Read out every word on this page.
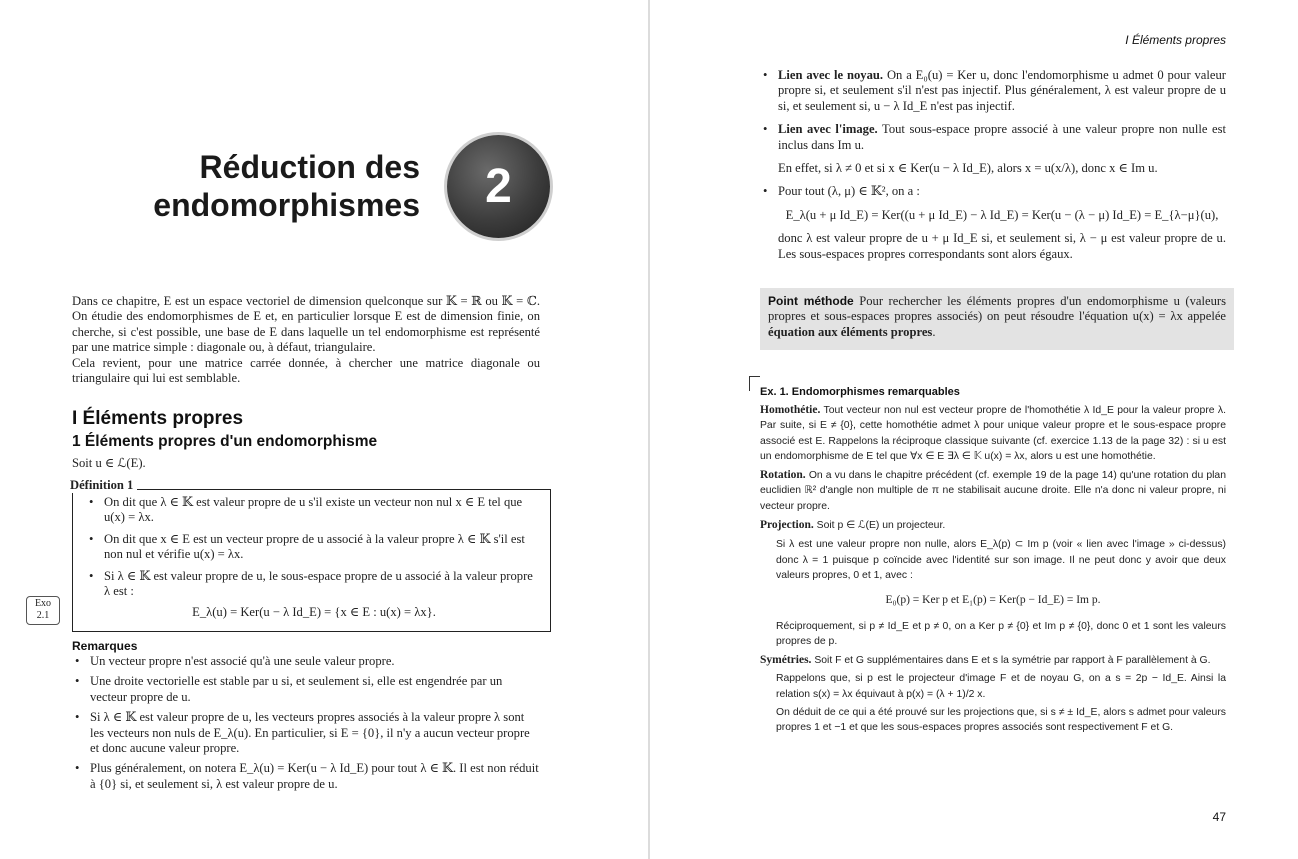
Réduction des
endomorphismes	2
Dans ce chapitre, E est un espace vectoriel de dimension quelconque sur 𝕂 = ℝ ou 𝕂 = ℂ. On étudie des endomorphismes de E et, en particulier lorsque E est de dimension finie, on cherche, si c'est possible, une base de E dans laquelle un tel endomorphisme est représenté par une matrice simple : diagonale ou, à défaut, triangulaire.
Cela revient, pour une matrice carrée donnée, à chercher une matrice diagonale ou triangulaire qui lui est semblable.
I Éléments propres
1 Éléments propres d'un endomorphisme
Soit u ∈ ℒ(E).
Définition 1
• On dit que λ ∈ 𝕂 est valeur propre de u s'il existe un vecteur non nul x ∈ E tel que u(x) = λx.
• On dit que x ∈ E est un vecteur propre de u associé à la valeur propre λ ∈ 𝕂 s'il est non nul et vérifie u(x) = λx.
• Si λ ∈ 𝕂 est valeur propre de u, le sous-espace propre de u associé à la valeur propre λ est :
E_λ(u) = Ker(u − λ Id_E) = {x ∈ E : u(x) = λx}.
Exo
2.1
Remarques
• Un vecteur propre n'est associé qu'à une seule valeur propre.
• Une droite vectorielle est stable par u si, et seulement si, elle est engendrée par un vecteur propre de u.
• Si λ ∈ 𝕂 est valeur propre de u, les vecteurs propres associés à la valeur propre λ sont les vecteurs non nuls de E_λ(u). En particulier, si E = {0}, il n'y a aucun vecteur propre et donc aucune valeur propre.
• Plus généralement, on notera E_λ(u) = Ker(u − λ Id_E) pour tout λ ∈ 𝕂. Il est non réduit à {0} si, et seulement si, λ est valeur propre de u.
I Éléments propres
• Lien avec le noyau. On a E₀(u) = Ker u, donc l'endomorphisme u admet 0 pour valeur propre si, et seulement s'il n'est pas injectif. Plus généralement, λ est valeur propre de u si, et seulement si, u − λ Id_E n'est pas injectif.
• Lien avec l'image. Tout sous-espace propre associé à une valeur propre non nulle est inclus dans Im u.
En effet, si λ ≠ 0 et si x ∈ Ker(u − λ Id_E), alors x = u(x/λ), donc x ∈ Im u.
• Pour tout (λ, μ) ∈ 𝕂², on a :
E_λ(u + μ Id_E) = Ker((u + μ Id_E) − λ Id_E) = Ker(u − (λ − μ) Id_E) = E_{λ−μ}(u),
donc λ est valeur propre de u + μ Id_E si, et seulement si, λ − μ est valeur propre de u. Les sous-espaces propres correspondants sont alors égaux.
Point méthode Pour rechercher les éléments propres d'un endomorphisme u (valeurs propres et sous-espaces propres associés) on peut résoudre l'équation u(x) = λx appelée équation aux éléments propres.
Ex. 1. Endomorphismes remarquables
Homothétie. Tout vecteur non nul est vecteur propre de l'homothétie λ Id_E pour la valeur propre λ. Par suite, si E ≠ {0}, cette homothétie admet λ pour unique valeur propre et le sous-espace propre associé est E. Rappelons la réciproque classique suivante (cf. exercice 1.13 de la page 32) : si u est un endomorphisme de E tel que ∀x ∈ E ∃λ ∈ 𝕂 u(x) = λx, alors u est une homothétie.
Rotation. On a vu dans le chapitre précédent (cf. exemple 19 de la page 14) qu'une rotation du plan euclidien ℝ² d'angle non multiple de π ne stabilisait aucune droite. Elle n'a donc ni valeur propre, ni vecteur propre.
Projection. Soit p ∈ ℒ(E) un projecteur.
Si λ est une valeur propre non nulle, alors E_λ(p) ⊂ Im p (voir « lien avec l'image » ci-dessus) donc λ = 1 puisque p coïncide avec l'identité sur son image. Il ne peut donc y avoir que deux valeurs propres, 0 et 1, avec :
E₀(p) = Ker p et E₁(p) = Ker(p − Id_E) = Im p.
Réciproquement, si p ≠ Id_E et p ≠ 0, on a Ker p ≠ {0} et Im p ≠ {0}, donc 0 et 1 sont les valeurs propres de p.
Symétries. Soit F et G supplémentaires dans E et s la symétrie par rapport à F parallèlement à G.
Rappelons que, si p est le projecteur d'image F et de noyau G, on a s = 2p − Id_E. Ainsi la relation s(x) = λx équivaut à p(x) = (λ + 1)/2 x.
On déduit de ce qui a été prouvé sur les projections que, si s ≠ ± Id_E, alors s admet pour valeurs propres 1 et −1 et que les sous-espaces propres associés sont respectivement F et G.
47
